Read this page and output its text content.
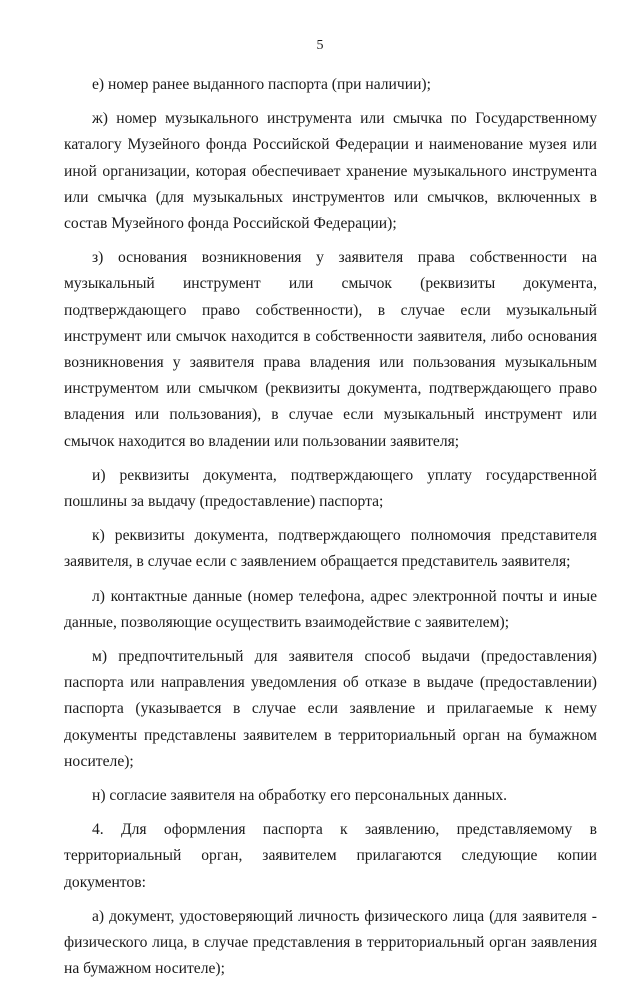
5

е) номер ранее выданного паспорта (при наличии);

ж) номер музыкального инструмента или смычка по Государственному каталогу Музейного фонда Российской Федерации и наименование музея или иной организации, которая обеспечивает хранение музыкального инструмента или смычка (для музыкальных инструментов или смычков, включенных в состав Музейного фонда Российской Федерации);

з) основания возникновения у заявителя права собственности на музыкальный инструмент или смычок (реквизиты документа, подтверждающего право собственности), в случае если музыкальный инструмент или смычок находится в собственности заявителя, либо основания возникновения у заявителя права владения или пользования музыкальным инструментом или смычком (реквизиты документа, подтверждающего право владения или пользования), в случае если музыкальный инструмент или смычок находится во владении или пользовании заявителя;

и) реквизиты документа, подтверждающего уплату государственной пошлины за выдачу (предоставление) паспорта;

к) реквизиты документа, подтверждающего полномочия представителя заявителя, в случае если с заявлением обращается представитель заявителя;

л) контактные данные (номер телефона, адрес электронной почты и иные данные, позволяющие осуществить взаимодействие с заявителем);

м) предпочтительный для заявителя способ выдачи (предоставления) паспорта или направления уведомления об отказе в выдаче (предоставлении) паспорта (указывается в случае если заявление и прилагаемые к нему документы представлены заявителем в территориальный орган на бумажном носителе);

н) согласие заявителя на обработку его персональных данных.

4. Для оформления паспорта к заявлению, представляемому в территориальный орган, заявителем прилагаются следующие копии документов:

а) документ, удостоверяющий личность физического лица (для заявителя - физического лица, в случае представления в территориальный орган заявления на бумажном носителе);
